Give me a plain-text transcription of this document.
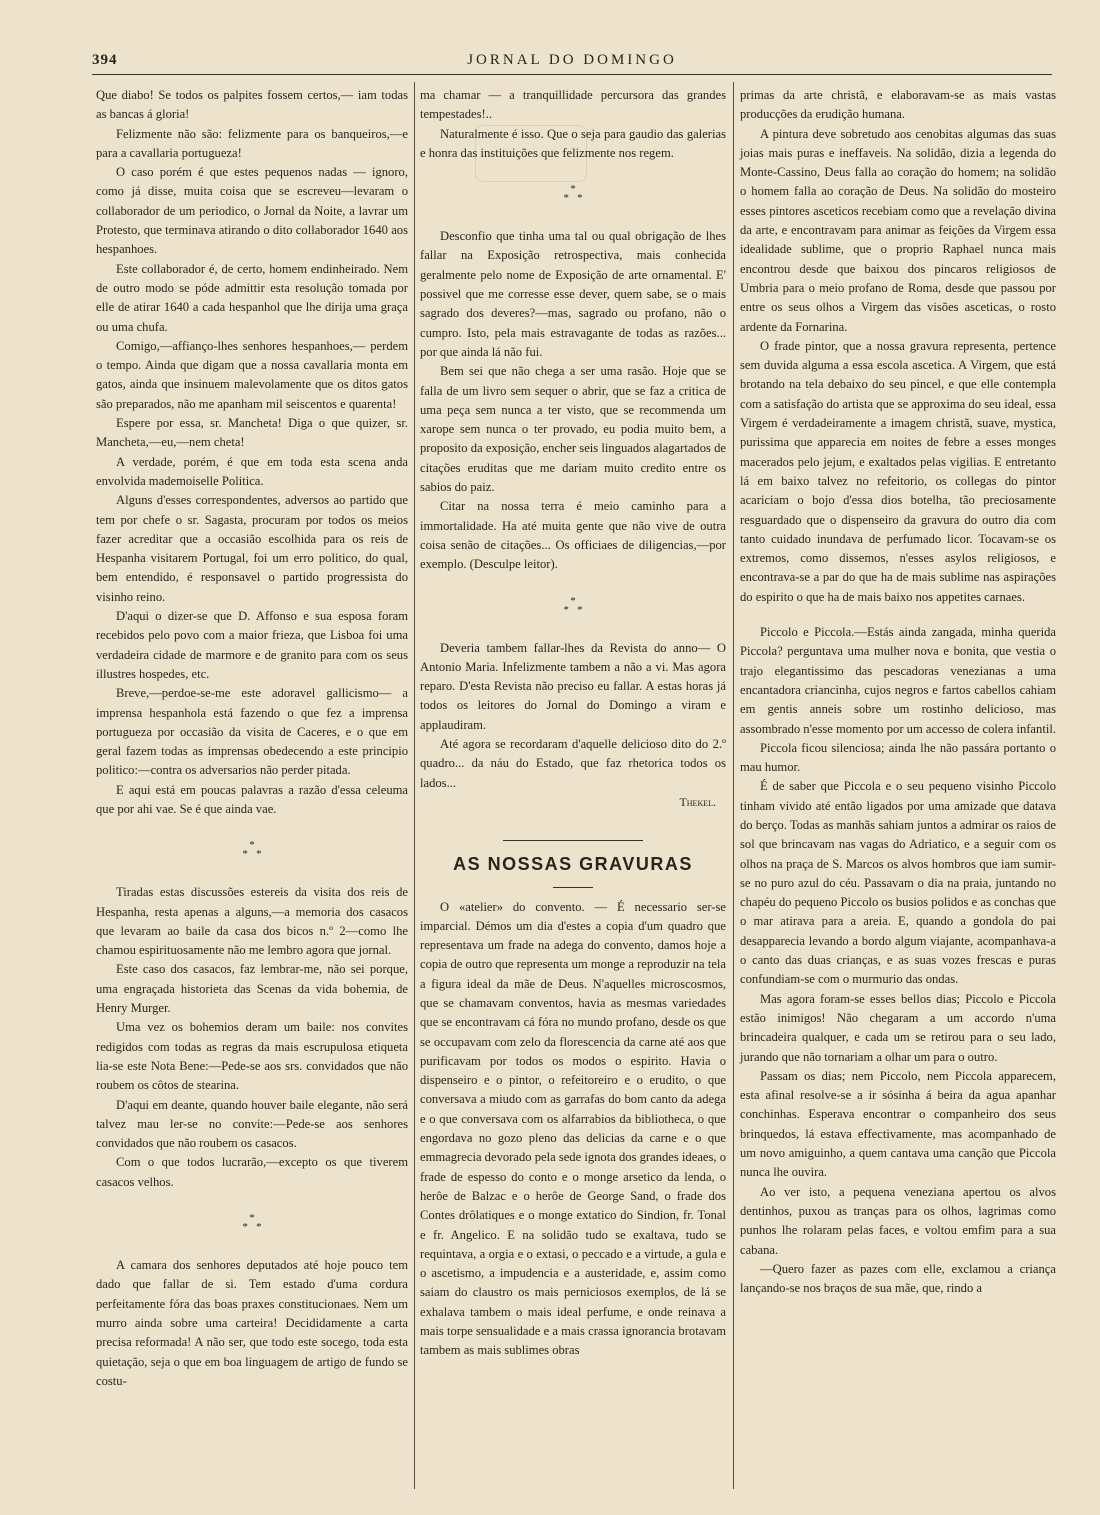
394	JORNAL DO DOMINGO

Que diabo! Se todos os palpites fossem certos,— iam todas as bancas á gloria!

Felizmente não são: felizmente para os banqueiros,—e para a cavallaria portugueza!

O caso porém é que estes pequenos nadas — ignoro, como já disse, muita coisa que se escreveu—levaram o collaborador de um periodico, o Jornal da Noite, a lavrar um Protesto, que terminava atirando o dito collaborador 1640 aos hespanhoes.

Este collaborador é, de certo, homem endinheirado. Nem de outro modo se póde admittir esta resolução tomada por elle de atirar 1640 a cada hespanhol que lhe dirija uma graça ou uma chufa.

Comigo,—affianço-lhes senhores hespanhoes,— perdem o tempo. Ainda que digam que a nossa cavallaria monta em gatos, ainda que insinuem malevolamente que os ditos gatos são preparados, não me apanham mil seiscentos e quarenta!

Espere por essa, sr. Mancheta! Diga o que quizer, sr. Mancheta,—eu,—nem cheta!

A verdade, porém, é que em toda esta scena anda envolvida mademoiselle Politica.

Alguns d'esses correspondentes, adversos ao partido que tem por chefe o sr. Sagasta, procuram por todos os meios fazer acreditar que a occasião escolhida para os reis de Hespanha visitarem Portugal, foi um erro politico, do qual, bem entendido, é responsavel o partido progressista do visinho reino.

D'aqui o dizer-se que D. Affonso e sua esposa foram recebidos pelo povo com a maior frieza, que Lisboa foi uma verdadeira cidade de marmore e de granito para com os seus illustres hospedes, etc.

Breve,—perdoe-se-me este adoravel gallicismo— a imprensa hespanhola está fazendo o que fez a imprensa portugueza por occasião da visita de Caceres, e o que em geral fazem todas as imprensas obedecendo a este principio politico:—contra os adversarios não perder pitada.

E aqui está em poucas palavras a razão d'essa celeuma que por ahi vae. Se é que ainda vae.

*
*   *

Tiradas estas discussões estereis da visita dos reis de Hespanha, resta apenas a alguns,—a memoria dos casacos que levaram ao baile da casa dos bicos n.º 2—como lhe chamou espirituosamente não me lembro agora que jornal.

Este caso dos casacos, faz lembrar-me, não sei porque, uma engraçada historieta das Scenas da vida bohemia, de Henry Murger.

Uma vez os bohemios deram um baile: nos convites redigidos com todas as regras da mais escrupulosa etiqueta lia-se este Nota Bene:—Pede-se aos srs. convidados que não roubem os côtos de stearina.

D'aqui em deante, quando houver baile elegante, não será talvez mau ler-se no convite:—Pede-se aos senhores convidados que não roubem os casacos.

Com o que todos lucrarão,—excepto os que tiverem casacos velhos.

*
*   *

A camara dos senhores deputados até hoje pouco tem dado que fallar de si. Tem estado d'uma cordura perfeitamente fóra das boas praxes constitucionaes. Nem um murro ainda sobre uma carteira! Decididamente a carta precisa reformada! A não ser, que todo este socego, toda esta quietação, seja o que em boa linguagem de artigo de fundo se costu-

ma chamar — a tranquillidade percursora das grandes tempestades!..

Naturalmente é isso. Que o seja para gaudio das galerias e honra das instituições que felizmente nos regem.

*
*   *

Desconfio que tinha uma tal ou qual obrigação de lhes fallar na Exposição retrospectiva, mais conhecida geralmente pelo nome de Exposição de arte ornamental. E' possivel que me corresse esse dever, quem sabe, se o mais sagrado dos deveres?—mas, sagrado ou profano, não o cumpro. Isto, pela mais estravagante de todas as razões... por que ainda lá não fui.

Bem sei que não chega a ser uma rasão. Hoje que se falla de um livro sem sequer o abrir, que se faz a critica de uma peça sem nunca a ter visto, que se recommenda um xarope sem nunca o ter provado, eu podia muito bem, a proposito da exposição, encher seis linguados alagartados de citações eruditas que me dariam muito credito entre os sabios do paiz.

Citar na nossa terra é meio caminho para a immortalidade. Ha até muita gente que não vive de outra coisa senão de citações... Os officiaes de diligencias,—por exemplo. (Desculpe leitor).

*
*   *

Deveria tambem fallar-lhes da Revista do anno— O Antonio Maria. Infelizmente tambem a não a vi. Mas agora reparo. D'esta Revista não preciso eu fallar. A estas horas já todos os leitores do Jornal do Domingo a viram e applaudiram.

Até agora se recordaram d'aquelle delicioso dito do 2.º quadro... da náu do Estado, que faz rhetorica todos os lados...

Thekel.

AS NOSSAS GRAVURAS

O «atelier» do convento. — É necessario ser-se imparcial. Démos um dia d'estes a copia d'um quadro que representava um frade na adega do convento, damos hoje a copia de outro que representa um monge a reproduzir na tela a figura ideal da mãe de Deus. N'aquelles microscosmos, que se chamavam conventos, havia as mesmas variedades que se encontravam cá fóra no mundo profano, desde os que se occupavam com zelo da florescencia da carne até aos que purificavam por todos os modos o espirito. Havia o dispenseiro e o pintor, o refeitoreiro e o erudito, o que conversava a miudo com as garrafas do bom canto da adega e o que conversava com os alfarrabios da bibliotheca, o que engordava no gozo pleno das delicias da carne e o que emmagrecia devorado pela sede ignota dos grandes ideaes, o frade de espesso do conto e o monge arsetico da lenda, o herôe de Balzac e o herôe de George Sand, o frade dos Contes drôlatiques e o monge extatico do Sindion, fr. Tonal e fr. Angelico. E na solidão tudo se exaltava, tudo se requintava, a orgia e o extasi, o peccado e a virtude, a gula e o ascetismo, a impudencia e a austeridade, e, assim como saiam do claustro os mais perniciosos exemplos, de lá se exhalava tambem o mais ideal perfume, e onde reinava a mais torpe sensualidade e a mais crassa ignorancia brotavam tambem as mais sublimes obras

primas da arte christã, e elaboravam-se as mais vastas producções da erudição humana.

A pintura deve sobretudo aos cenobitas algumas das suas joias mais puras e ineffaveis. Na solidão, dizia a legenda do Monte-Cassino, Deus falla ao coração do homem; na solidão o homem falla ao coração de Deus. Na solidão do mosteiro esses pintores asceticos recebiam como que a revelação divina da arte, e encontravam para animar as feições da Virgem essa idealidade sublime, que o proprio Raphael nunca mais encontrou desde que baixou dos pincaros religiosos de Umbria para o meio profano de Roma, desde que passou por entre os seus olhos a Virgem das visões asceticas, o rosto ardente da Fornarina.

O frade pintor, que a nossa gravura representa, pertence sem duvida alguma a essa escola ascetica. A Virgem, que está brotando na tela debaixo do seu pincel, e que elle contempla com a satisfação do artista que se approxima do seu ideal, essa Virgem é verdadeiramente a imagem christã, suave, mystica, purissima que apparecia em noites de febre a esses monges macerados pelo jejum, e exaltados pelas vigilias. E entretanto lá em baixo talvez no refeitorio, os collegas do pintor acariciam o bojo d'essa dios botelha, tão preciosamente resguardado que o dispenseiro da gravura do outro dia com tanto cuidado inundava de perfumado licor. Tocavam-se os extremos, como dissemos, n'esses asylos religiosos, e encontrava-se a par do que ha de mais sublime nas aspirações do espirito o que ha de mais baixo nos appetites carnaes.

Piccolo e Piccola.—Estás ainda zangada, minha querida Piccola? perguntava uma mulher nova e bonita, que vestia o trajo elegantissimo das pescadoras venezianas a uma encantadora criancinha, cujos negros e fartos cabellos cahiam em gentis anneis sobre um rostinho delicioso, mas assombrado n'esse momento por um accesso de colera infantil.

Piccola ficou silenciosa; ainda lhe não passára portanto o mau humor.

É de saber que Piccola e o seu pequeno visinho Piccolo tinham vivido até então ligados por uma amizade que datava do berço. Todas as manhãs sahiam juntos a admirar os raios de sol que brincavam nas vagas do Adriatico, e a seguir com os olhos na praça de S. Marcos os alvos hombros que iam sumir-se no puro azul do céu. Passavam o dia na praia, juntando no chapéu do pequeno Piccolo os busios polidos e as conchas que o mar atirava para a areia. E, quando a gondola do pai desapparecia levando a bordo algum viajante, acompanhava-a o canto das duas crianças, e as suas vozes frescas e puras confundiam-se com o murmurio das ondas.

Mas agora foram-se esses bellos dias; Piccolo e Piccola estão inimigos! Não chegaram a um accordo n'uma brincadeira qualquer, e cada um se retirou para o seu lado, jurando que não tornariam a olhar um para o outro.

Passam os dias; nem Piccolo, nem Piccola apparecem, esta afinal resolve-se a ir sósinha á beira da agua apanhar conchinhas. Esperava encontrar o companheiro dos seus brinquedos, lá estava effectivamente, mas acompanhado de um novo amiguinho, a quem cantava uma canção que Piccola nunca lhe ouvira.

Ao ver isto, a pequena veneziana apertou os alvos dentinhos, puxou as tranças para os olhos, lagrimas como punhos lhe rolaram pelas faces, e voltou emfim para a sua cabana.

—Quero fazer as pazes com elle, exclamou a criança lançando-se nos braços de sua mãe, que, rindo a
